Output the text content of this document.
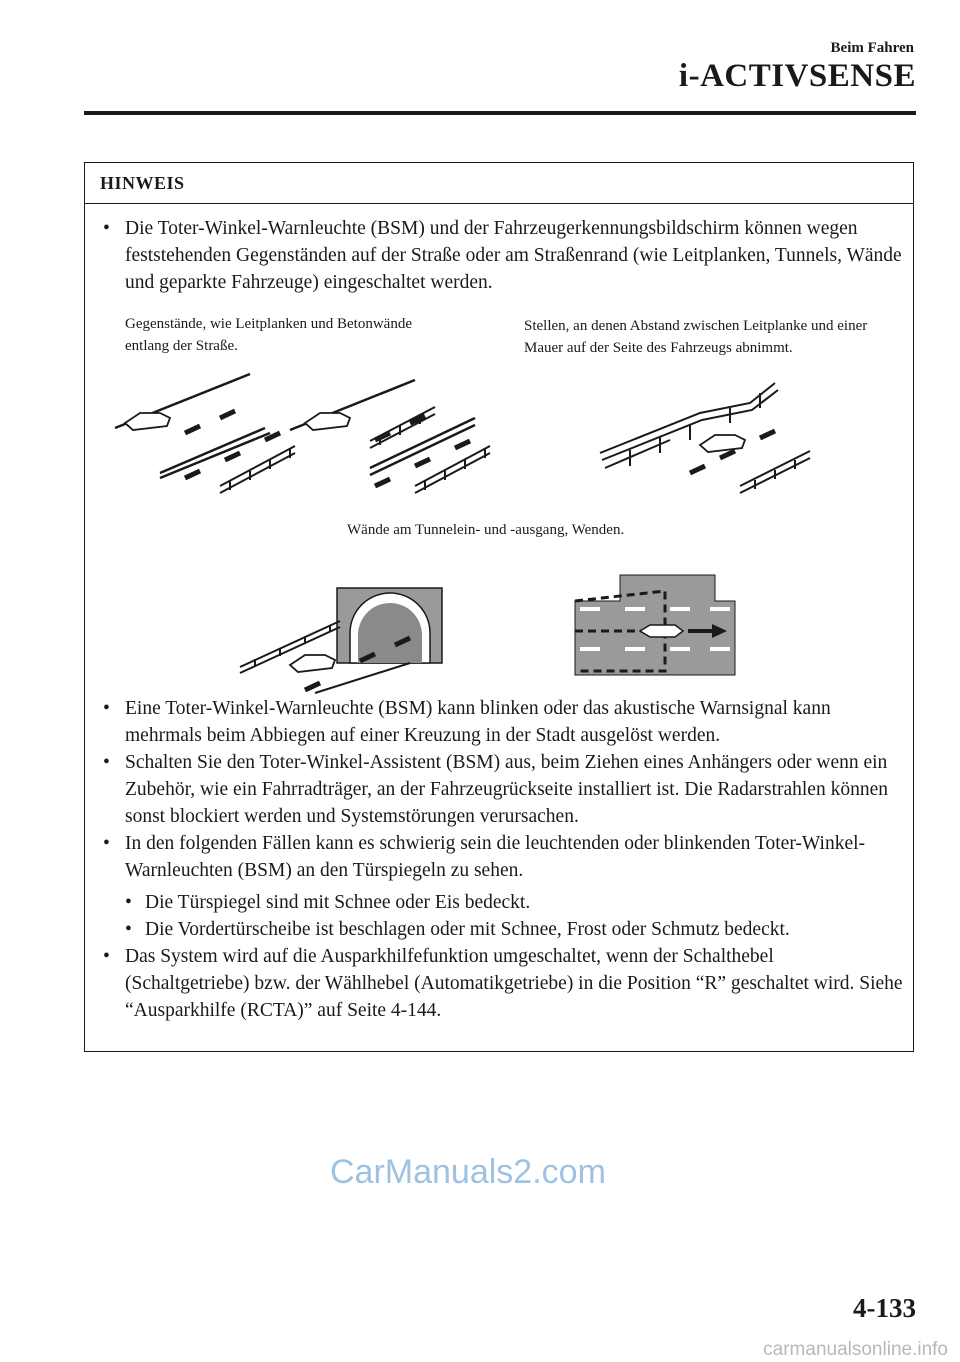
Beim Fahren
i-ACTIVSENSE
HINWEIS
• Die Toter-Winkel-Warnleuchte (BSM) und der Fahrzeugerkennungsbildschirm können wegen feststehenden Gegenständen auf der Straße oder am Straßenrand (wie Leitplanken, Tunnels, Wände und geparkte Fahrzeuge) eingeschaltet werden.
Gegenstände, wie Leitplanken und Betonwände entlang der Straße.
Stellen, an denen Abstand zwischen Leitplanke und einer Mauer auf der Seite des Fahrzeugs abnimmt.
Wände am Tunnelein- und -ausgang, Wenden.
• Eine Toter-Winkel-Warnleuchte (BSM) kann blinken oder das akustische Warnsignal kann mehrmals beim Abbiegen auf einer Kreuzung in der Stadt ausgelöst werden.
• Schalten Sie den Toter-Winkel-Assistent (BSM) aus, beim Ziehen eines Anhängers oder wenn ein Zubehör, wie ein Fahrradträger, an der Fahrzeugrückseite installiert ist. Die Radarstrahlen können sonst blockiert werden und Systemstörungen verursachen.
• In den folgenden Fällen kann es schwierig sein die leuchtenden oder blinkenden Toter-Winkel-Warnleuchten (BSM) an den Türspiegeln zu sehen.
• Die Türspiegel sind mit Schnee oder Eis bedeckt.
• Die Vordertürscheibe ist beschlagen oder mit Schnee, Frost oder Schmutz bedeckt.
• Das System wird auf die Ausparkhilfefunktion umgeschaltet, wenn der Schalthebel (Schaltgetriebe) bzw. der Wählhebel (Automatikgetriebe) in die Position “R” geschaltet wird. Siehe “Ausparkhilfe (RCTA)” auf Seite 4-144.
CarManuals2.com
4-133
carmanualsonline.info
